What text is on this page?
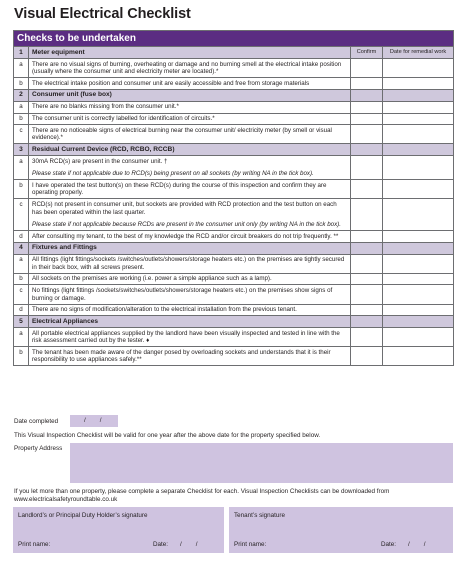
Visual Electrical Checklist
Checks to be undertaken			
1	Meter equipment	Confirm	Date for remedial work
a	There are no visual signs of burning, overheating or damage and no burning smell at the electrical intake position (usually where the consumer unit and electricity meter are located).*		
b	The electrical intake position and consumer unit are easily accessible and free from storage materials		
2	Consumer unit (fuse box)		
a	There are no blanks missing from the consumer unit.*		
b	The consumer unit is correctly labelled for identification of circuits.*		
c	There are no noticeable signs of electrical burning near the consumer unit/ electricity meter (by smell or visual evidence).*		
3	Residual Current Device (RCD, RCBO, RCCB)		
a	30mA RCD(s) are present in the consumer unit. †
Please state if not applicable due to RCD(s) being present on all sockets (by writing NA in the tick box).		

b	I have operated the test button(s) on these RCD(s) during the course of this inspection and confirm they are operating properly.		
c	RCD(s) not present in consumer unit, but sockets are provided with RCD protection and the test button on each has been operated within the last quarter.
Please state if not applicable because RCDs are present in the consumer unit only (by writing NA in the tick box).		

d	After consulting my tenant, to the best of my knowledge the RCD and/or circuit breakers do not trip frequently. **		
4	Fixtures and Fittings		
a	All fittings (light fittings/sockets /switches/outlets/showers/storage heaters etc.) on the premises are tightly secured in their back box, with all screws present.		
b	All sockets on the premises are working (i.e. power a simple appliance such as a lamp).		
c	No fittings (light fittings /sockets/switches/outlets/showers/storage heaters etc.) on the premises show signs of burning or damage.		
d	There are no signs of modification/alteration to the electrical installation from the previous tenant.		
5	Electrical Appliances		
a	All portable electrical appliances supplied by the landlord have been visually inspected and tested in line with the risk assessment carried out by the tester. ♦		
b	The tenant has been made aware of the danger posed by overloading sockets and understands that it is their responsibility to use appliances safely.**		
Date completed	/        /
This Visual Inspection Checklist will be valid for one year after the above date for the property specified below.
Property Address
If you let more than one property, please complete a separate Checklist for each. Visual Inspection Checklists can be downloaded from www.electricalsafetyroundtable.co.uk
Landlord’s or Principal Duty Holder’s signature
Print name:	Date: /        /
Tenant’s signature
Print name:	Date: /        /
